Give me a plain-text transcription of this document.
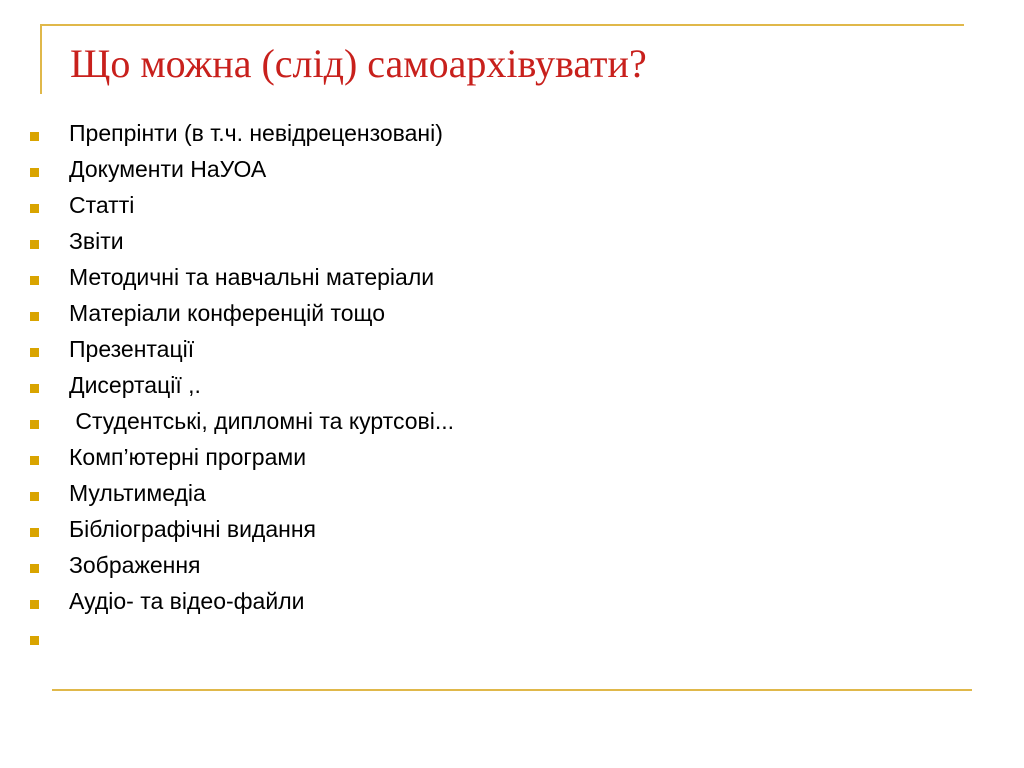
Що можна (слід) самоархівувати?

Препрінти (в т.ч. невідрецензовані)

Документи НаУОА

Статті

Звіти

Методичні та навчальні матеріали

Матеріали конференцій тощо

Презентації

Дисертації ,.

Студентські, дипломні та куртсові...

Комп’ютерні програми

Мультимедіа

Бібліографічні видання

Зображення

Аудіо- та відео-файли
